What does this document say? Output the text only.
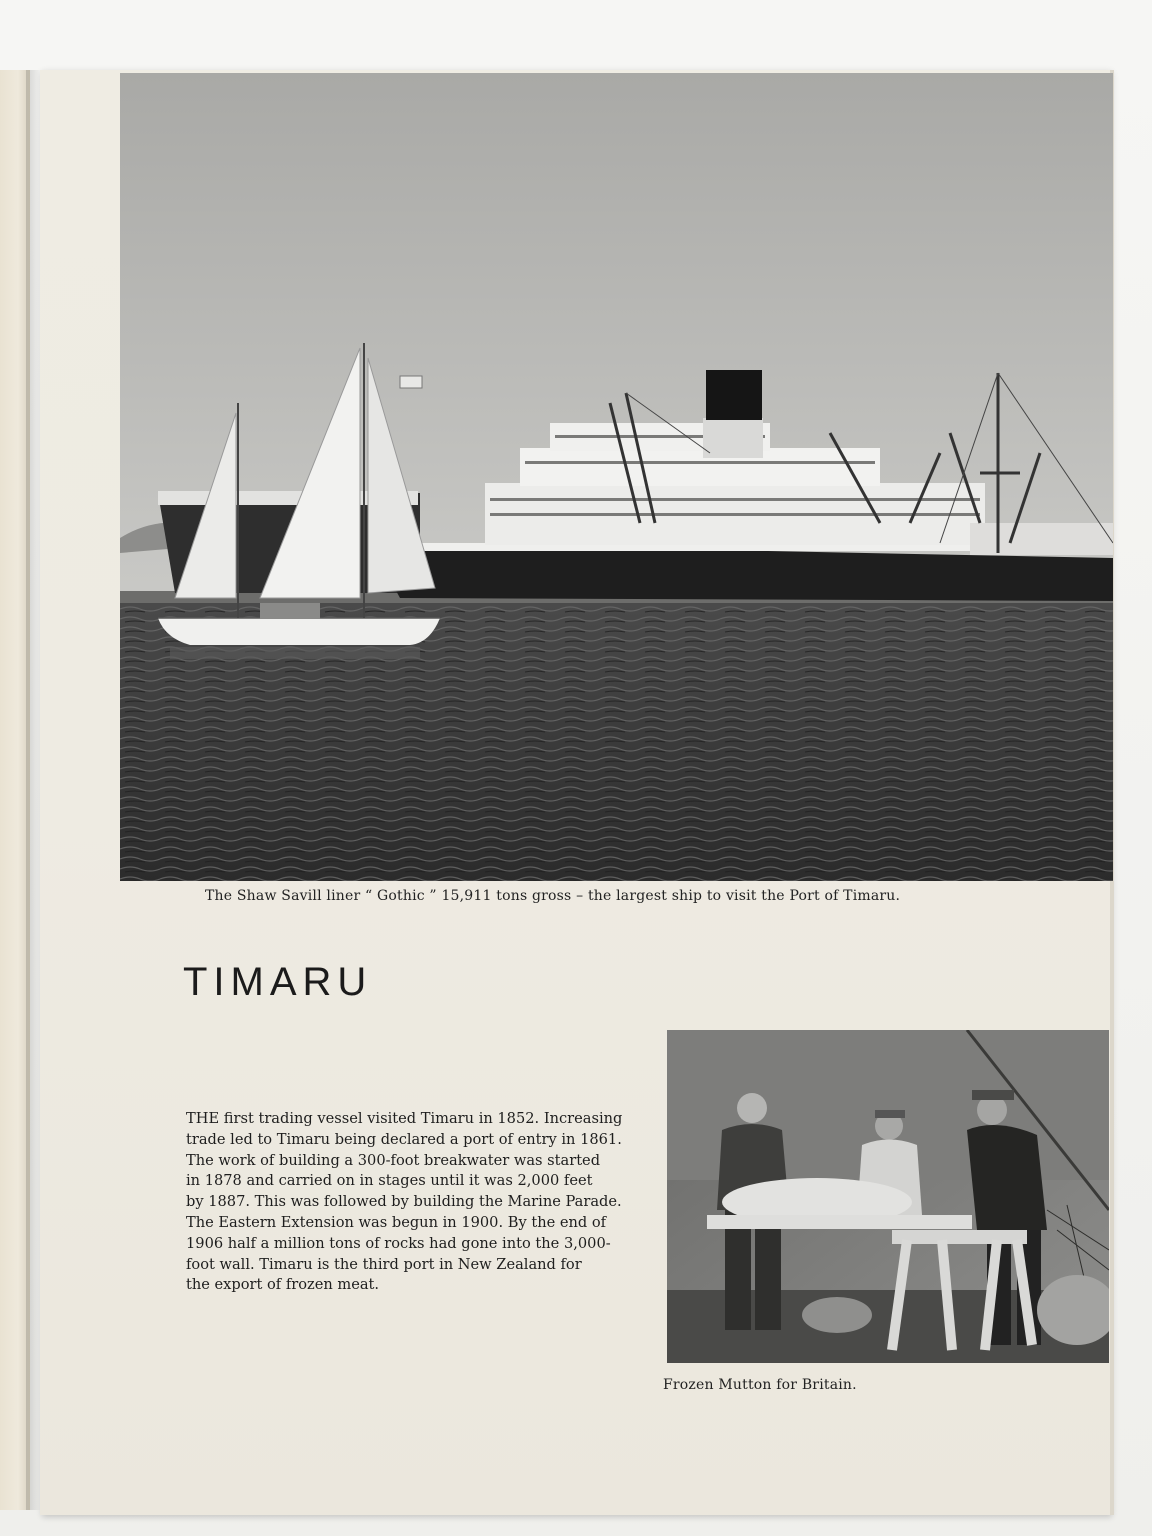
The Shaw Savill liner “ Gothic ” 15,911 tons gross – the largest ship to visit the Port of Timaru.
TIMARU
THE first trading vessel visited Timaru in 1852. Increasing
trade led to Timaru being declared a port of entry in 1861.
The work of building a 300-foot breakwater was started
in 1878 and carried on in stages until it was 2,000 feet
by 1887. This was followed by building the Marine Parade.
The Eastern Extension was begun in 1900. By the end of
1906 half a million tons of rocks had gone into the 3,000-
foot wall. Timaru is the third port in New Zealand for
the export of frozen meat.
Frozen Mutton for Britain.
